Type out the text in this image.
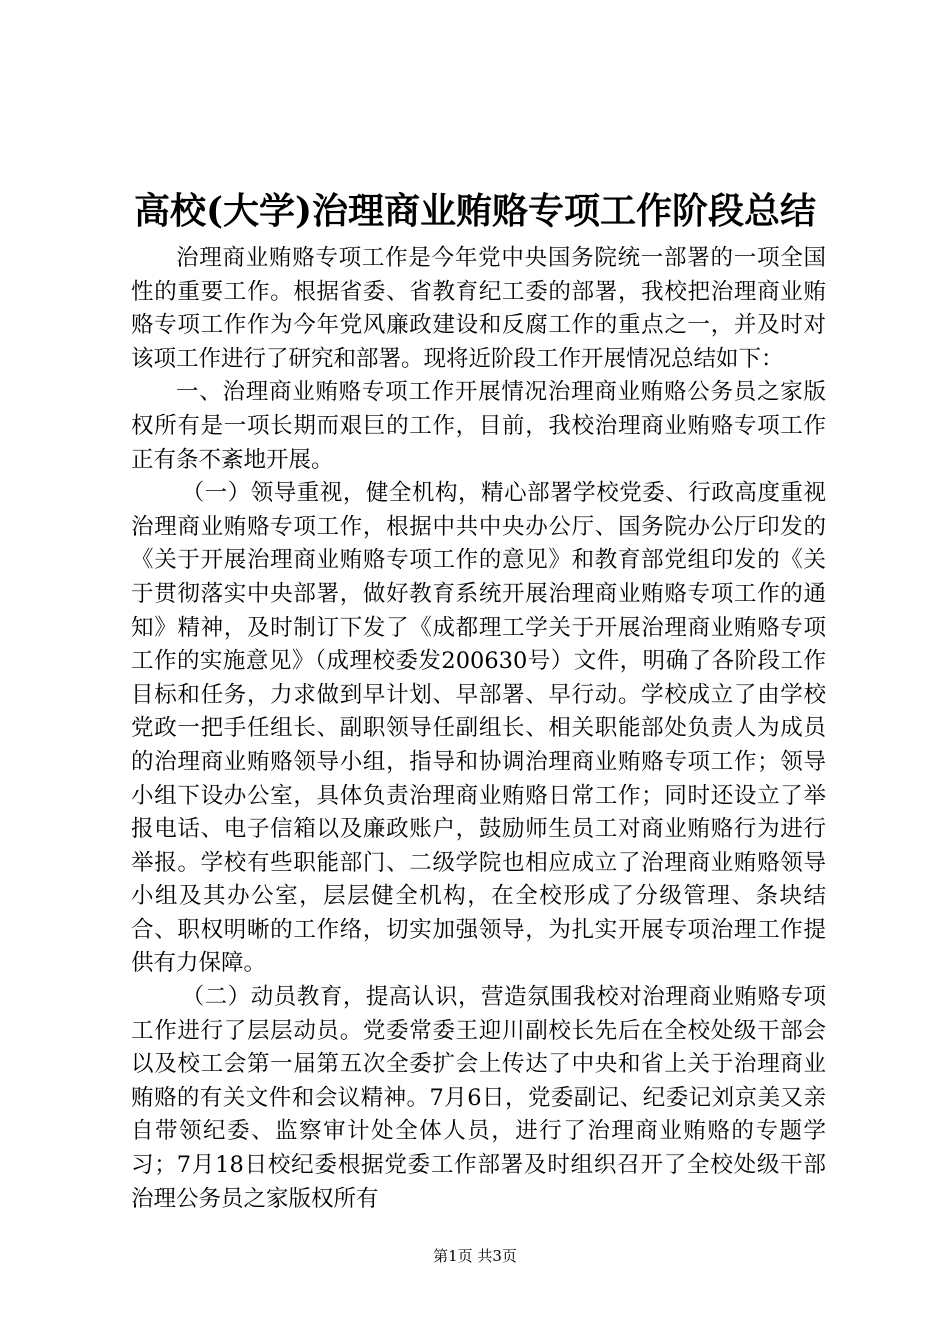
高校(大学)治理商业贿赂专项工作阶段总结

治理商业贿赂专项工作是今年党中央国务院统一部署的一项全国性的重要工作。根据省委、省教育纪工委的部署，我校把治理商业贿赂专项工作作为今年党风廉政建设和反腐工作的重点之一，并及时对该项工作进行了研究和部署。现将近阶段工作开展情况总结如下：

一、治理商业贿赂专项工作开展情况治理商业贿赂公务员之家版权所有是一项长期而艰巨的工作，目前，我校治理商业贿赂专项工作正有条不紊地开展。

（一）领导重视，健全机构，精心部署学校党委、行政高度重视治理商业贿赂专项工作，根据中共中央办公厅、国务院办公厅印发的《关于开展治理商业贿赂专项工作的意见》和教育部党组印发的《关于贯彻落实中央部署，做好教育系统开展治理商业贿赂专项工作的通知》精神，及时制订下发了《成都理工学关于开展治理商业贿赂专项工作的实施意见》（成理校委发200630号）文件，明确了各阶段工作目标和任务，力求做到早计划、早部署、早行动。学校成立了由学校党政一把手任组长、副职领导任副组长、相关职能部处负责人为成员的治理商业贿赂领导小组，指导和协调治理商业贿赂专项工作；领导小组下设办公室，具体负责治理商业贿赂日常工作；同时还设立了举报电话、电子信箱以及廉政账户，鼓励师生员工对商业贿赂行为进行举报。学校有些职能部门、二级学院也相应成立了治理商业贿赂领导小组及其办公室，层层健全机构，在全校形成了分级管理、条块结合、职权明晰的工作络，切实加强领导，为扎实开展专项治理工作提供有力保障。

（二）动员教育，提高认识，营造氛围我校对治理商业贿赂专项工作进行了层层动员。党委常委王迎川副校长先后在全校处级干部会以及校工会第一届第五次全委扩会上传达了中央和省上关于治理商业贿赂的有关文件和会议精神。7月6日，党委副记、纪委记刘京美又亲自带领纪委、监察审计处全体人员，进行了治理商业贿赂的专题学习；7月18日校纪委根据党委工作部署及时组织召开了全校处级干部治理公务员之家版权所有

第1页 共3页
